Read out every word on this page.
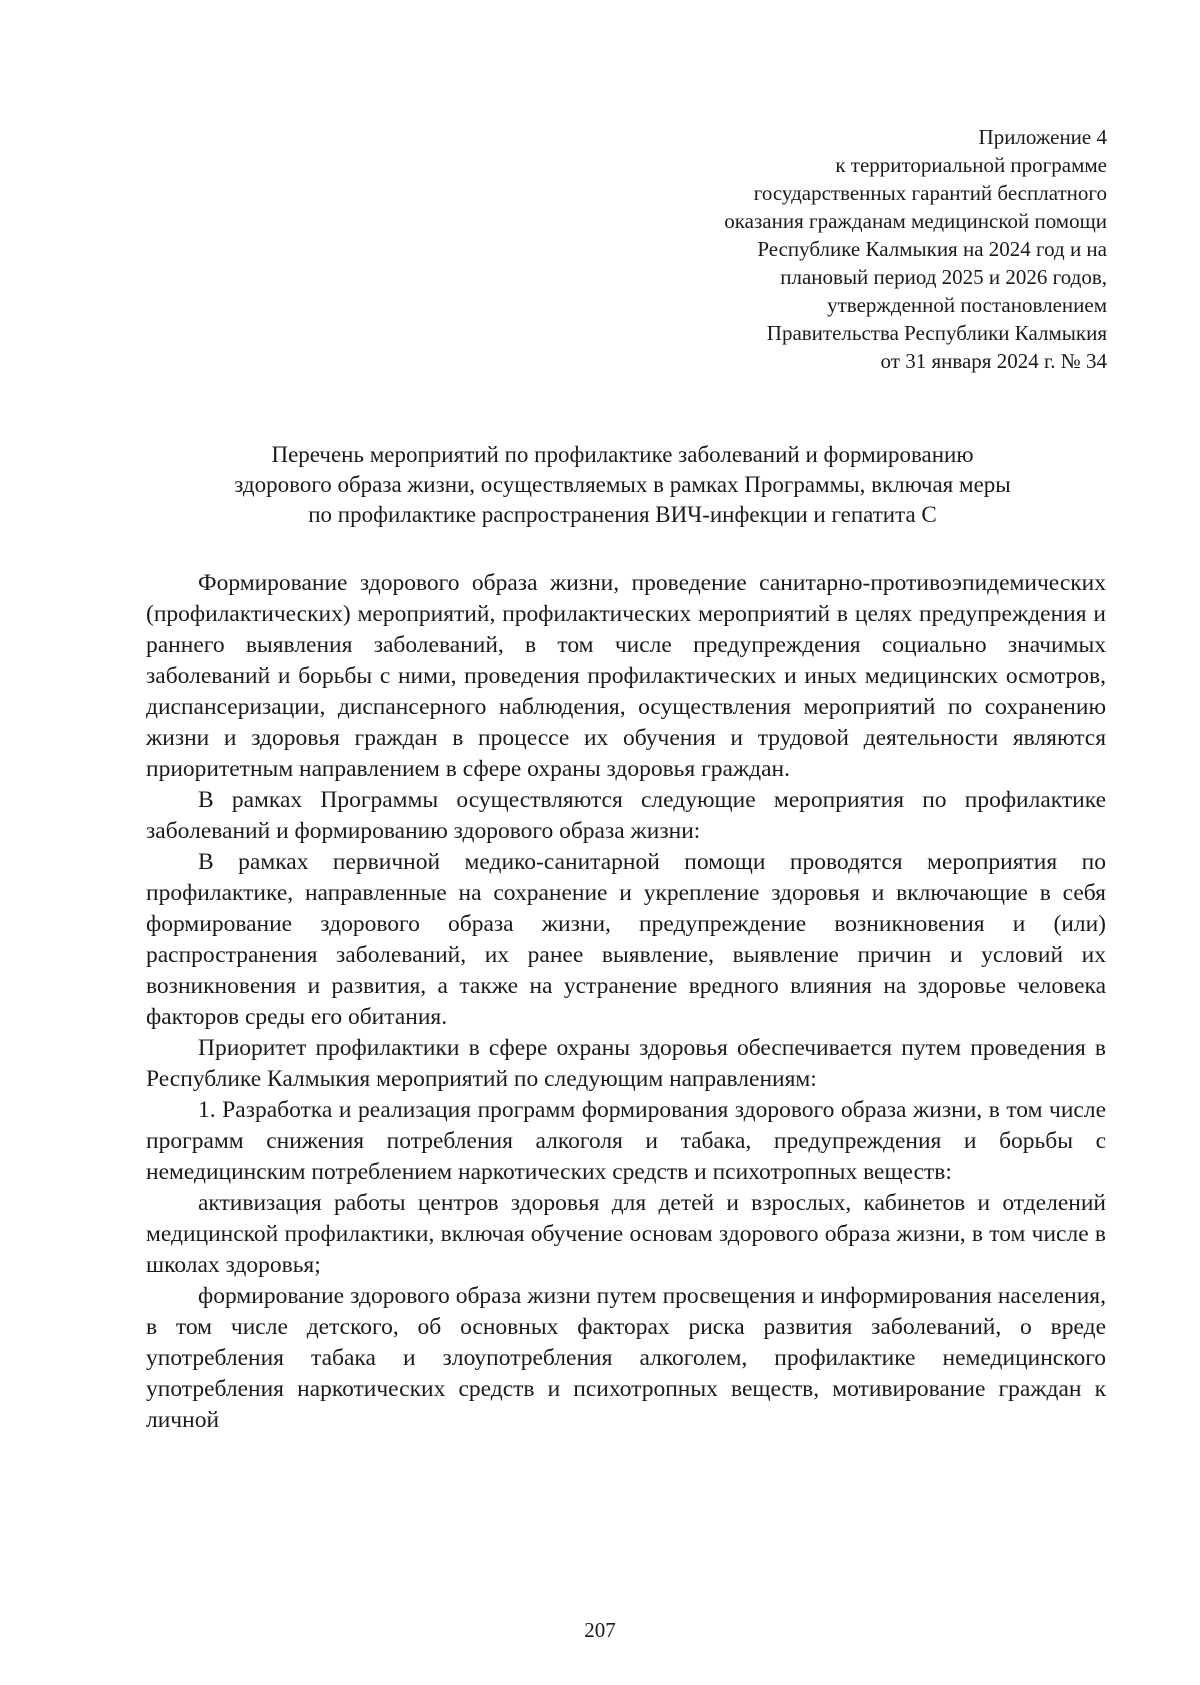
Приложение 4
к территориальной программе
государственных гарантий бесплатного
оказания гражданам медицинской помощи
Республике Калмыкия на 2024 год и на
плановый период 2025 и 2026 годов,
утвержденной постановлением
Правительства Республики Калмыкия
от 31 января 2024 г. № 34
Перечень мероприятий по профилактике заболеваний и формированию
здорового образа жизни, осуществляемых в рамках Программы, включая меры
по профилактике распространения ВИЧ-инфекции и гепатита С

Формирование здорового образа жизни, проведение санитарно-противоэпидемических (профилактических) мероприятий, профилактических мероприятий в целях предупреждения и раннего выявления заболеваний, в том числе предупреждения социально значимых заболеваний и борьбы с ними, проведения профилактических и иных медицинских осмотров, диспансеризации, диспансерного наблюдения, осуществления мероприятий по сохранению жизни и здоровья граждан в процессе их обучения и трудовой деятельности являются приоритетным направлением в сфере охраны здоровья граждан.

В рамках Программы осуществляются следующие мероприятия по профилактике заболеваний и формированию здорового образа жизни:

В рамках первичной медико-санитарной помощи проводятся мероприятия по профилактике, направленные на сохранение и укрепление здоровья и включающие в себя формирование здорового образа жизни, предупреждение возникновения и (или) распространения заболеваний, их ранее выявление, выявление причин и условий их возникновения и развития, а также на устранение вредного влияния на здоровье человека факторов среды его обитания.

Приоритет профилактики в сфере охраны здоровья обеспечивается путем проведения в Республике Калмыкия мероприятий по следующим направлениям:

1. Разработка и реализация программ формирования здорового образа жизни, в том числе программ снижения потребления алкоголя и табака, предупреждения и борьбы с немедицинским потреблением наркотических средств и психотропных веществ:

активизация работы центров здоровья для детей и взрослых, кабинетов и отделений медицинской профилактики, включая обучение основам здорового образа жизни, в том числе в школах здоровья;

формирование здорового образа жизни путем просвещения и информирования населения, в том числе детского, об основных факторах риска развития заболеваний, о вреде употребления табака и злоупотребления алкоголем, профилактике немедицинского употребления наркотических средств и психотропных веществ, мотивирование граждан к личной

207
